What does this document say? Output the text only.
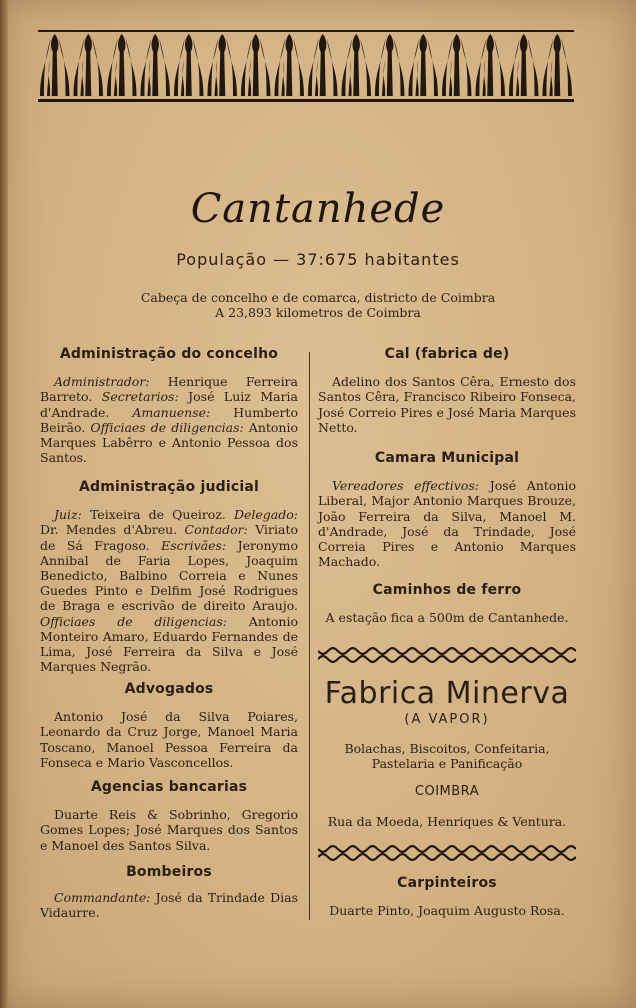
Cantanhede
População — 37:675 habitantes
Cabeça de concelho e de comarca, districto de Coimbra
A 23,893 kilometros de Coimbra
Administração do concelho
Administrador: Henrique Ferreira Barreto. Secretarios: José Luiz Maria d'Andrade. Amanuense: Humberto Beirão. Officiaes de diligencias: Antonio Marques Labêrro e Antonio Pessoa dos Santos.
Administração judicial
Juiz: Teixeira de Queiroz. Delegado: Dr. Mendes d'Abreu. Contador: Viriato de Sá Fragoso. Escrivães: Jeronymo Annibal de Faria Lopes, Joaquim Benedicto, Balbino Correia e Nunes Guedes Pinto e Delfim José Rodrigues de Braga e escrivão de direito Araujo. Officiaes de diligencias: Antonio Monteiro Amaro, Eduardo Fernandes de Lima, José Ferreira da Silva e José Marques Negrão.
Advogados
Antonio José da Silva Poiares, Leonardo da Cruz Jorge, Manoel Maria Toscano, Manoel Pessoa Ferreira da Fonseca e Mario Vasconcellos.
Agencias bancarias
Duarte Reis & Sobrinho, Gregorio Gomes Lopes; José Marques dos Santos e Manoel des Santos Silva.
Bombeiros
Commandante: José da Trindade Dias Vidaurre.
Cal (fabrica de)
Adelino dos Santos Cêra, Ernesto dos Santos Cêra, Francisco Ribeiro Fonseca, José Correio Pires e José Maria Marques Netto.
Camara Municipal
Vereadores effectivos: José Antonio Liberal, Major Antonio Marques Brouze, João Ferreira da Silva, Manoel M. d'Andrade, José da Trindade, José Correia Pires e Antonio Marques Machado.
Caminhos de ferro
A estação fica a 500m de Cantanhede.
Fabrica Minerva
(A VAPOR)
Bolachas, Biscoitos, Confeitaria,
Pastelaria e Panificação
COIMBRA
Rua da Moeda, Henriques & Ventura.
Carpinteiros
Duarte Pinto, Joaquim Augusto Rosa.
